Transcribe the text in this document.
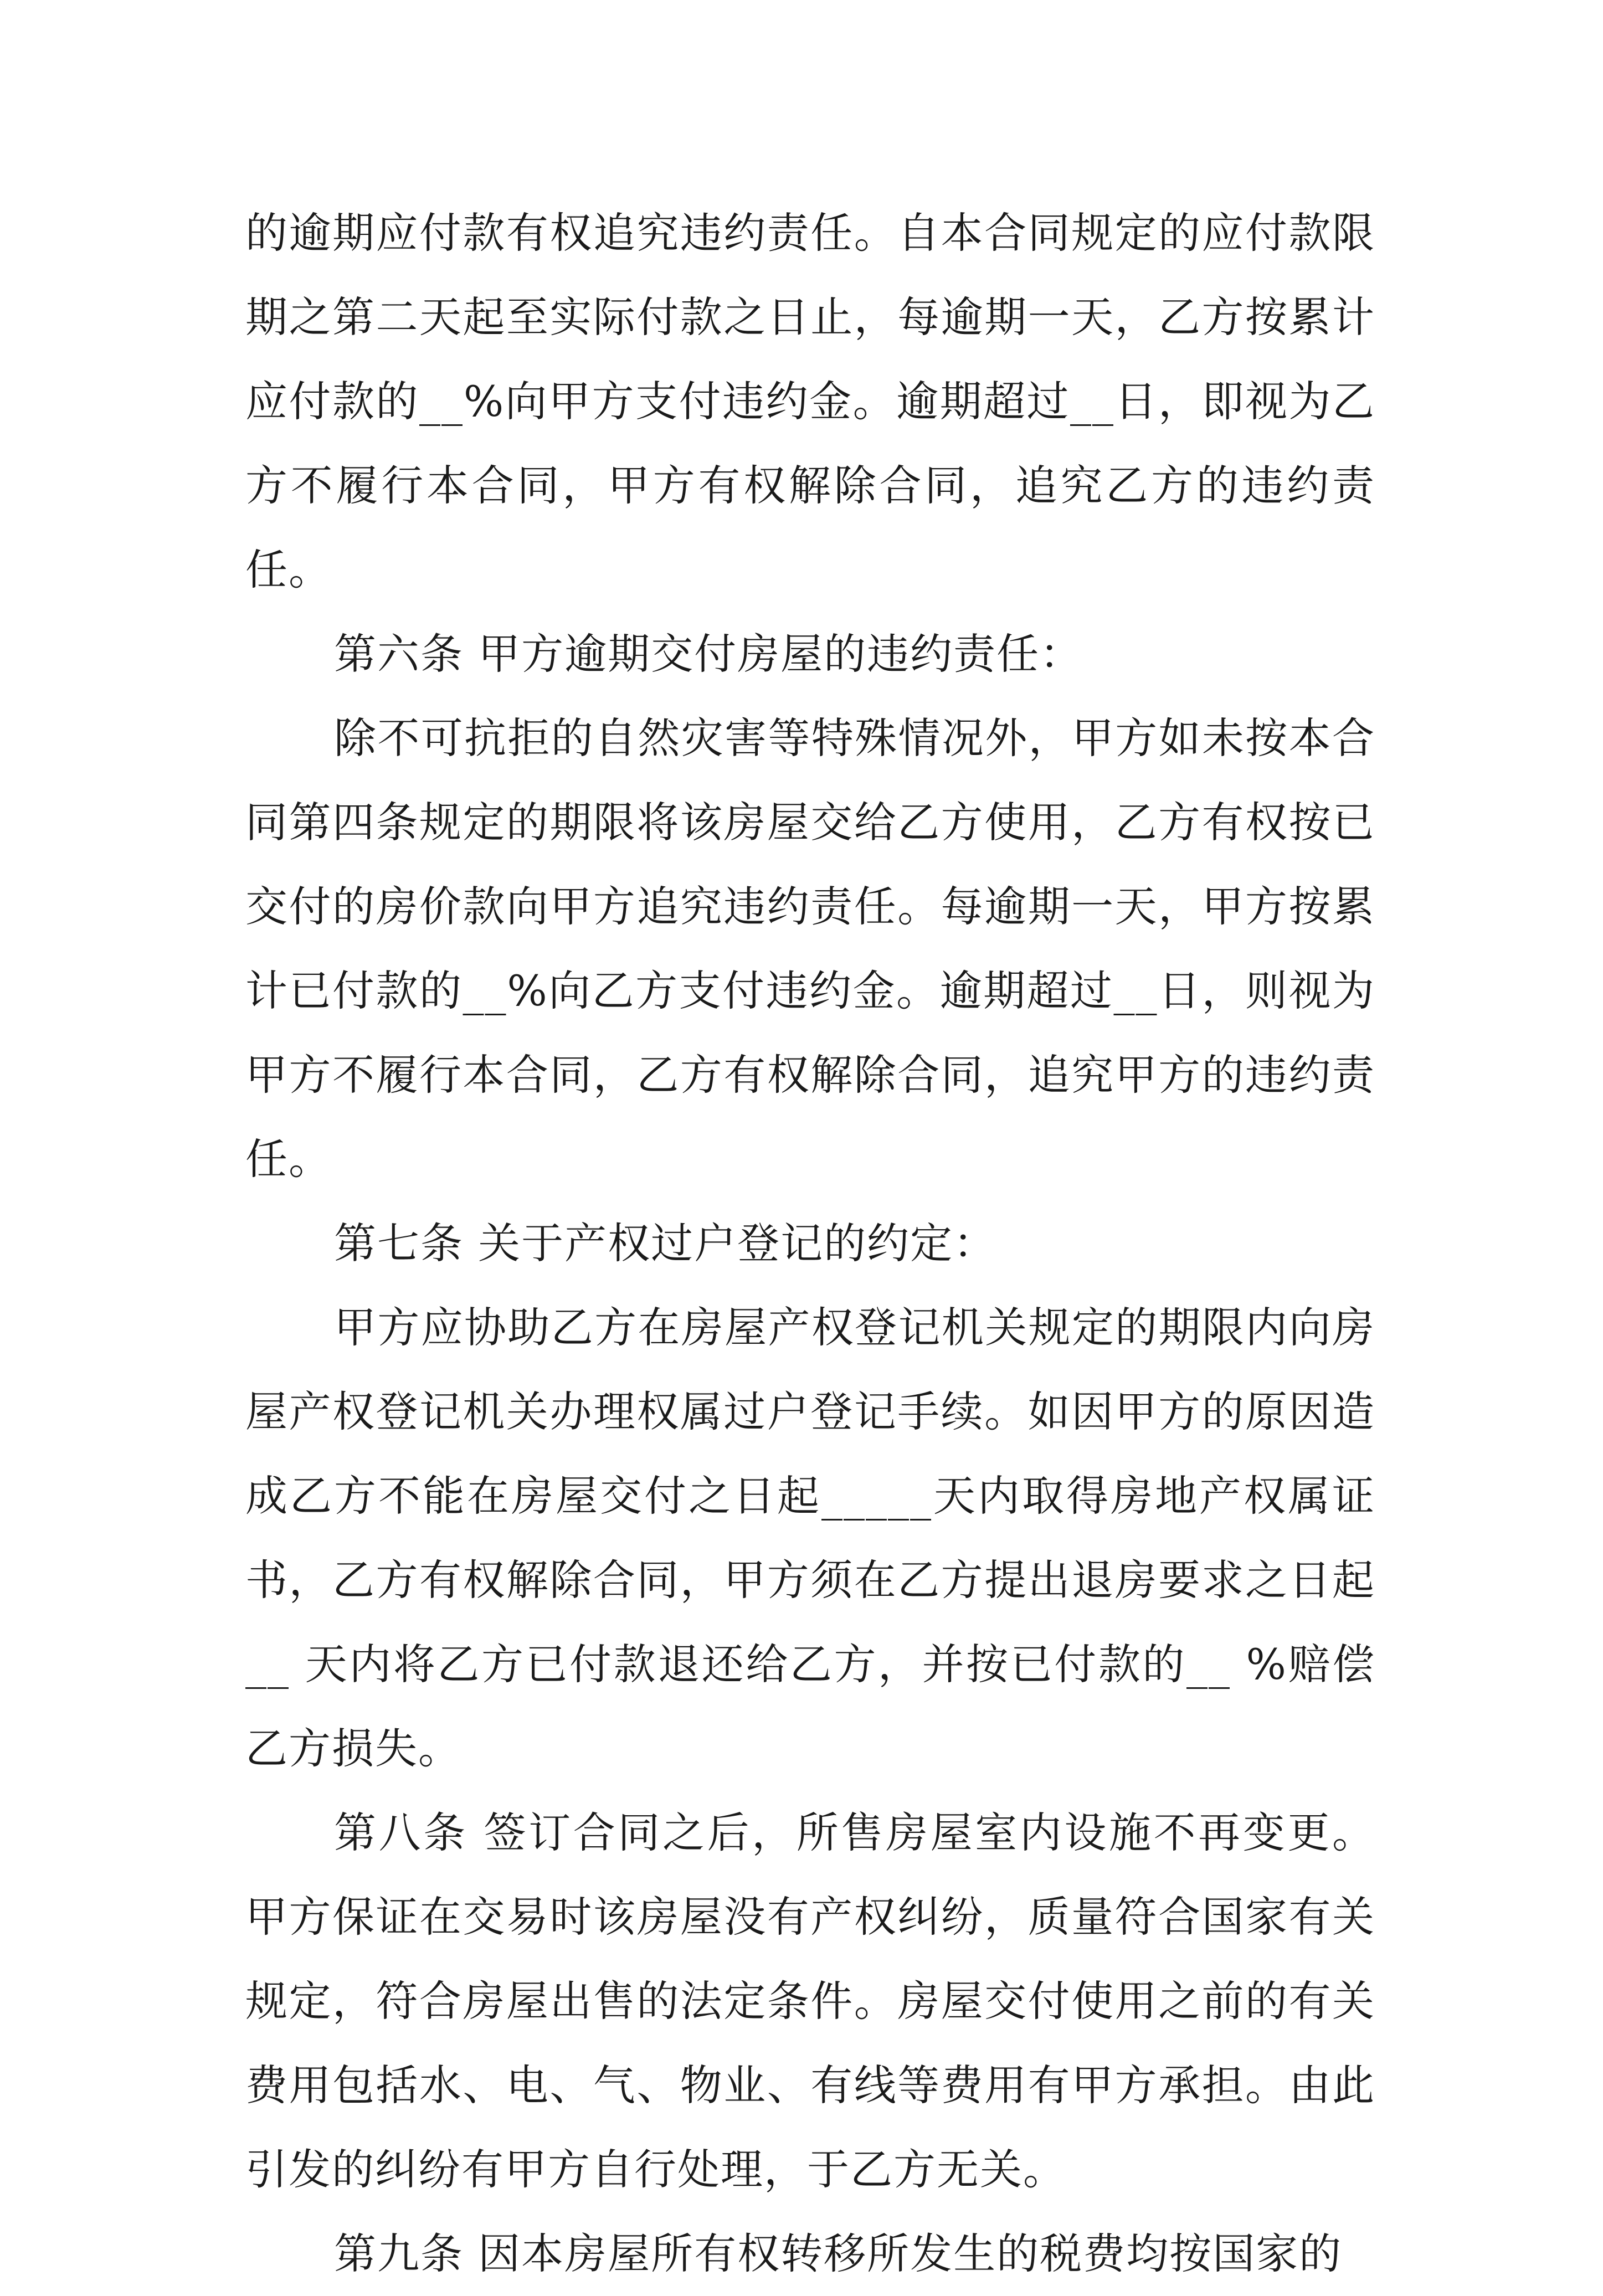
的逾期应付款有权追究违约责任。自本合同规定的应付款限期之第二天起至实际付款之日止，每逾期一天，乙方按累计应付款的__%向甲方支付违约金。逾期超过__日，即视为乙方不履行本合同，甲方有权解除合同，追究乙方的违约责任。

第六条 甲方逾期交付房屋的违约责任：

除不可抗拒的自然灾害等特殊情况外，甲方如未按本合同第四条规定的期限将该房屋交给乙方使用，乙方有权按已交付的房价款向甲方追究违约责任。每逾期一天，甲方按累计已付款的__%向乙方支付违约金。逾期超过__日，则视为甲方不履行本合同，乙方有权解除合同，追究甲方的违约责任。

第七条 关于产权过户登记的约定：

甲方应协助乙方在房屋产权登记机关规定的期限内向房屋产权登记机关办理权属过户登记手续。如因甲方的原因造成乙方不能在房屋交付之日起_____天内取得房地产权属证书，乙方有权解除合同，甲方须在乙方提出退房要求之日起__ 天内将乙方已付款退还给乙方，并按已付款的__ %赔偿乙方损失。

第八条 签订合同之后，所售房屋室内设施不再变更。甲方保证在交易时该房屋没有产权纠纷，质量符合国家有关规定，符合房屋出售的法定条件。房屋交付使用之前的有关费用包括水、电、气、物业、有线等费用有甲方承担。由此引发的纠纷有甲方自行处理，于乙方无关。

第九条 因本房屋所有权转移所发生的税费均按国家的
